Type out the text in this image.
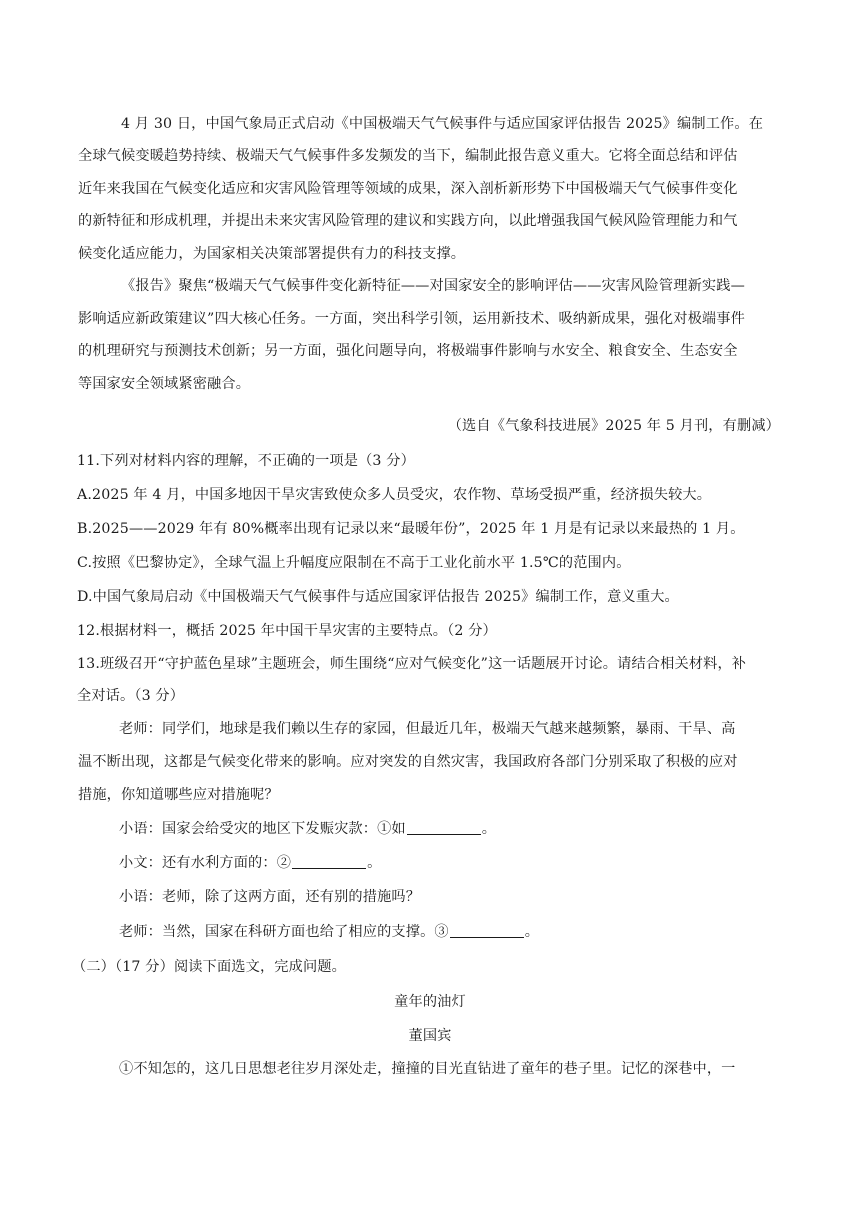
4 月 30 日，中国气象局正式启动《中国极端天气气候事件与适应国家评估报告 2025》编制工作。在
全球气候变暖趋势持续、极端天气气候事件多发频发的当下，编制此报告意义重大。它将全面总结和评估
近年来我国在气候变化适应和灾害风险管理等领域的成果，深入剖析新形势下中国极端天气气候事件变化
的新特征和形成机理，并提出未来灾害风险管理的建议和实践方向，以此增强我国气候风险管理能力和气
候变化适应能力，为国家相关决策部署提供有力的科技支撑。
《报告》聚焦“极端天气气候事件变化新特征——对国家安全的影响评估——灾害风险管理新实践—
影响适应新政策建议”四大核心任务。一方面，突出科学引领，运用新技术、吸纳新成果，强化对极端事件
的机理研究与预测技术创新；另一方面，强化问题导向，将极端事件影响与水安全、粮食安全、生态安全
等国家安全领域紧密融合。
（选自《气象科技进展》2025 年 5 月刊，有删减）
11.下列对材料内容的理解，不正确的一项是（3 分）
A.2025 年 4 月，中国多地因干旱灾害致使众多人员受灾，农作物、草场受损严重，经济损失较大。
B.2025——2029 年有 80%概率出现有记录以来“最暖年份”，2025 年 1 月是有记录以来最热的 1 月。
C.按照《巴黎协定》，全球气温上升幅度应限制在不高于工业化前水平 1.5℃的范围内。
D.中国气象局启动《中国极端天气气候事件与适应国家评估报告 2025》编制工作，意义重大。
12.根据材料一，概括 2025 年中国干旱灾害的主要特点。（2 分）
13.班级召开“守护蓝色星球”主题班会，师生围绕“应对气候变化”这一话题展开讨论。请结合相关材料，补
全对话。（3 分）
老师：同学们，地球是我们赖以生存的家园，但最近几年，极端天气越来越频繁，暴雨、干旱、高
温不断出现，这都是气候变化带来的影响。应对突发的自然灾害，我国政府各部门分别采取了积极的应对
措施，你知道哪些应对措施呢？
小语：国家会给受灾的地区下发赈灾款：①如	。
小文：还有水利方面的：②	。
小语：老师，除了这两方面，还有别的措施吗？
老师：当然，国家在科研方面也给了相应的支撑。③	。
（二）（17 分）阅读下面选文，完成问题。
童年的油灯
董国宾
①不知怎的，这几日思想老往岁月深处走，撞撞的目光直钻进了童年的巷子里。记忆的深巷中，一
